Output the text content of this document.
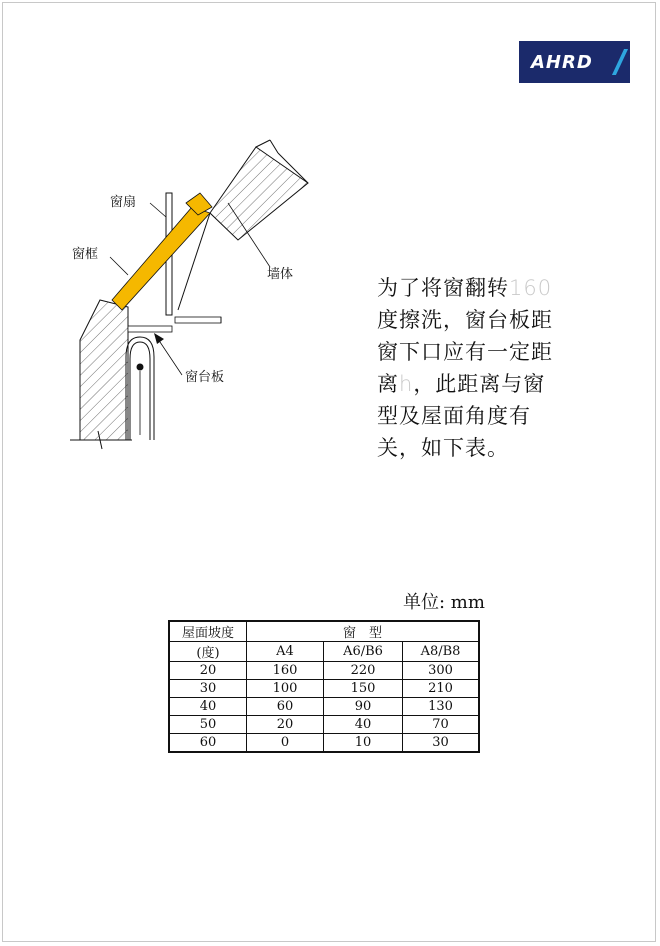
AHRD
窗扇
窗框
墙体
窗台板
为了将窗翻转160
度擦洗，窗台板距
窗下口应有一定距
离h，此距离与窗
型及屋面角度有
关，如下表。
单位: mm
屋面坡度	窗　型		
(度)	A4	A6/B6	A8/B8
20	160	220	300
30	100	150	210
40	60	90	130
50	20	40	70
60	0	10	30
